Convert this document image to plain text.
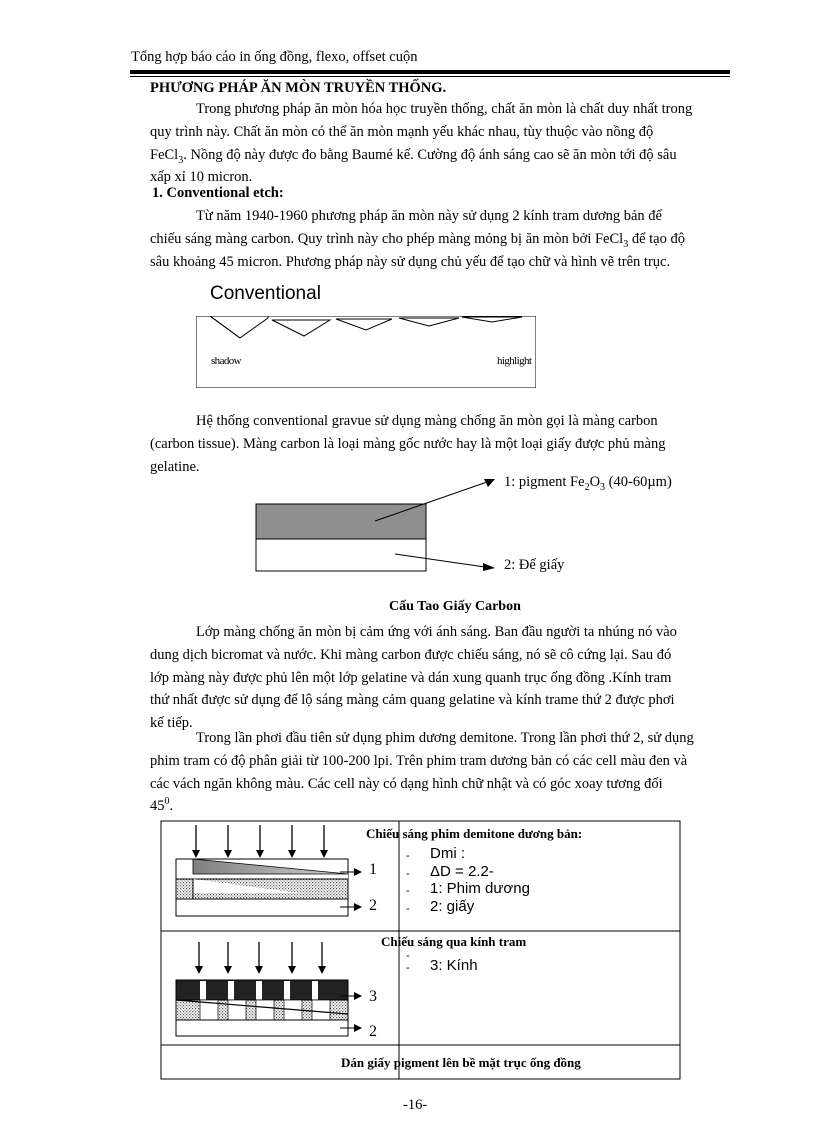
Tổng hợp báo cáo in ống đồng, flexo, offset cuộn
PHƯƠNG PHÁP ĂN MÒN TRUYỀN THỐNG.
Trong phương pháp ăn mòn hóa học truyền thống, chất ăn mòn là chất duy nhất trong
quy trình này. Chất ăn mòn có thể ăn mòn mạnh yếu khác nhau, tùy thuộc vào nồng độ
FeCl$_3$. Nồng độ này được đo bằng Baumé kế. Cường độ ánh sáng cao sẽ ăn mòn tới độ sâu
xấp xỉ 10 micron.
1. Conventional etch:
Từ năm 1940-1960 phương pháp ăn mòn này sử dụng 2 kính tram dương bản để
chiếu sáng màng carbon. Quy trình này cho phép màng mỏng bị ăn mòn bởi FeCl$_3$ để tạo độ
sâu khoảng 45 micron. Phương pháp này sử dụng chủ yếu để tạo chữ và hình vẽ trên trục.
Conventional
shadow	highlight
Hệ thống conventional gravue sử dụng màng chống ăn mòn gọi là màng carbon
(carbon tissue). Màng carbon là loại màng gốc nước hay là một loại giấy được phủ màng
gelatine.
1: pigment $Fe_2O_3$ (40-60µm)
2: Đế giấy
Cấu Tao Giấy Carbon
Lớp màng chống ăn mòn bị cảm ứng với ánh sáng. Ban đầu người ta nhúng nó vào
dung dịch bicromat và nước. Khi màng carbon được chiếu sáng, nó sẽ cô cứng lại. Sau đó
lớp màng này được phủ lên một lớp gelatine và dán xung quanh trục ống đồng .Kính tram
thứ nhất được sử dụng để lộ sáng màng cảm quang gelatine và kính trame thứ 2 được phơi
kế tiếp.
Trong lần phơi đầu tiên sử dụng phim dương demitone. Trong lần phơi thứ 2, sử dụng
phim tram có độ phân giải từ 100-200 lpi. Trên phim tram dương bản có các cell màu đen và
các vách ngăn không màu. Các cell này có dạng hình chữ nhật và có góc xoay tương đối
$45^0$.
1
2
3
2
Chiếu sáng phim demitone dương bản:
- Dmi :
- ΔD = 2.2-
- 1: Phim dương
- 2: giấy
Chiếu sáng qua kính tram
-
- 3: Kính
Dán giấy pigment lên bề mặt trục ống đồng
-16-
